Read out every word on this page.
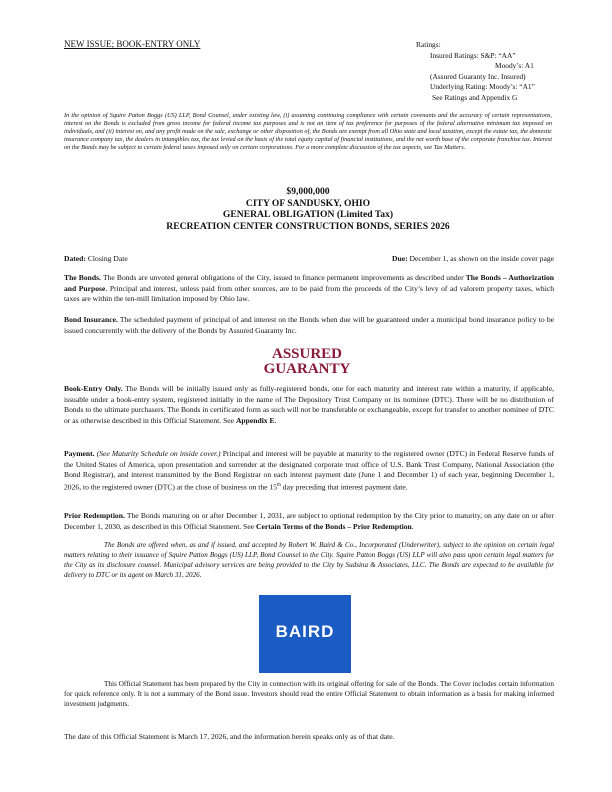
NEW ISSUE; BOOK-ENTRY ONLY	Ratings:
Insured Ratings: S&P: “AA”
Moody’s: A1
(Assured Guaranty Inc. Insured)
Underlying Rating: Moody’s: “A1”
See Ratings and Appendix G
In the opinion of Squire Patton Boggs (US) LLP, Bond Counsel, under existing law, (i) assuming continuing compliance with certain covenants and the accuracy of certain representations, interest on the Bonds is excluded from gross income for federal income tax purposes and is not an item of tax preference for purposes of the federal alternative minimum tax imposed on individuals, and (ii) interest on, and any profit made on the sale, exchange or other disposition of, the Bonds are exempt from all Ohio state and local taxation, except the estate tax, the domestic insurance company tax, the dealers in intangibles tax, the tax levied on the basis of the total equity capital of financial institutions, and the net worth base of the corporate franchise tax. Interest on the Bonds may be subject to certain federal taxes imposed only on certain corporations. For a more complete discussion of the tax aspects, see Tax Matters.
$9,000,000
CITY OF SANDUSKY, OHIO
GENERAL OBLIGATION (Limited Tax)
RECREATION CENTER CONSTRUCTION BONDS, SERIES 2026
Dated: Closing Date	Due: December 1, as shown on the inside cover page
The Bonds. The Bonds are unvoted general obligations of the City, issued to finance permanent improvements as described under The Bonds – Authorization and Purpose. Principal and interest, unless paid from other sources, are to be paid from the proceeds of the City’s levy of ad valorem property taxes, which taxes are within the ten-mill limitation imposed by Ohio law.
Bond Insurance. The scheduled payment of principal of and interest on the Bonds when due will be guaranteed under a municipal bond insurance policy to be issued concurrently with the delivery of the Bonds by Assured Guaranty Inc.
ASSURED
GUARANTY
Book-Entry Only. The Bonds will be initially issued only as fully-registered bonds, one for each maturity and interest rate within a maturity, if applicable, issuable under a book-entry system, registered initially in the name of The Depository Trust Company or its nominee (DTC). There will be no distribution of Bonds to the ultimate purchasers. The Bonds in certificated form as such will not be transferable or exchangeable, except for transfer to another nominee of DTC or as otherwise described in this Official Statement. See Appendix E.
Payment. (See Maturity Schedule on inside cover.) Principal and interest will be payable at maturity to the registered owner (DTC) in Federal Reserve funds of the United States of America, upon presentation and surrender at the designated corporate trust office of U.S. Bank Trust Company, National Association (the Bond Registrar), and interest transmitted by the Bond Registrar on each interest payment date (June 1 and December 1) of each year, beginning December 1, 2026, to the registered owner (DTC) at the close of business on the 15th day preceding that interest payment date.
Prior Redemption. The Bonds maturing on or after December 1, 2031, are subject to optional redemption by the City prior to maturity, on any date on or after December 1, 2030, as described in this Official Statement. See Certain Terms of the Bonds – Prior Redemption.
The Bonds are offered when, as and if issued, and accepted by Robert W. Baird & Co., Incorporated (Underwriter), subject to the opinion on certain legal matters relating to their issuance of Squire Patton Boggs (US) LLP, Bond Counsel to the City. Squire Patton Boggs (US) LLP will also pass upon certain legal matters for the City as its disclosure counsel. Municipal advisory services are being provided to the City by Sudsina & Associates, LLC. The Bonds are expected to be available for delivery to DTC or its agent on March 31, 2026.
BAIRD
This Official Statement has been prepared by the City in connection with its original offering for sale of the Bonds. The Cover includes certain information for quick reference only. It is not a summary of the Bond issue. Investors should read the entire Official Statement to obtain information as a basis for making informed investment judgments.
The date of this Official Statement is March 17, 2026, and the information herein speaks only as of that date.
